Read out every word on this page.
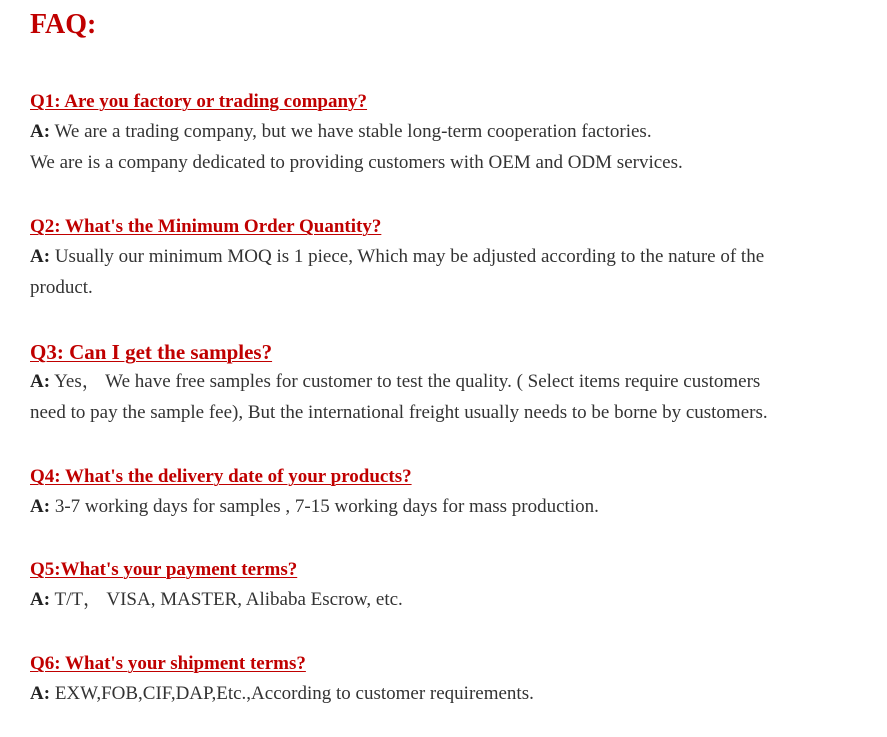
FAQ:
Q1: Are you factory or trading company?

A: We are a trading company, but we have stable long-term cooperation factories.
We are is a company dedicated to providing customers with OEM and ODM services.

Q2: What's the Minimum Order Quantity?

A: Usually our minimum MOQ is 1 piece, Which may be adjusted according to the nature of the
product.

Q3: Can I get the samples?

A: Yes， We have free samples for customer to test the quality. ( Select items require customers
need to pay the sample fee), But the international freight usually needs to be borne by customers.

Q4: What's the delivery date of your products?

A: 3-7 working days for samples , 7-15 working days for mass production.

Q5:What's your payment terms?

A: T/T， VISA, MASTER, Alibaba Escrow, etc.

Q6: What's your shipment terms?

A: EXW,FOB,CIF,DAP,Etc.,According to customer requirements.
